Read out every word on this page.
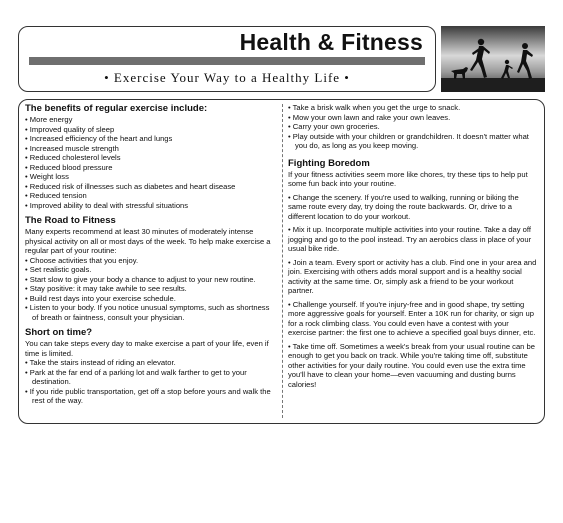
Health & Fitness
• Exercise Your Way to a Healthy Life •
The benefits of regular exercise include:
• More energy
• Improved quality of sleep
• Increased efficiency of the heart and lungs
• Increased muscle strength
• Reduced cholesterol levels
• Reduced blood pressure
• Weight loss
• Reduced risk of illnesses such as diabetes and heart disease
• Reduced tension
• Improved ability to deal with stressful situations
The Road to Fitness

Many experts recommend at least 30 minutes of moderately intense physical activity on all or most days of the week. To help make exercise a regular part of your routine:

• Choose activities that you enjoy.
• Set realistic goals.
• Start slow to give your body a chance to adjust to your new routine.
• Stay positive: it may take awhile to see results.
• Build rest days into your exercise schedule.
• Listen to your body. If you notice unusual symptoms, such as shortness of breath or faintness, consult your physician.
Short on time?

You can take steps every day to make exercise a part of your life, even if time is limited.

• Take the stairs instead of riding an elevator.
• Park at the far end of a parking lot and walk farther to get to your destination.
• If you ride public transportation, get off a stop before yours and walk the rest of the way.
• Take a brisk walk when you get the urge to snack.
• Mow your own lawn and rake your own leaves.
• Carry your own groceries.
• Play outside with your children or grandchildren. It doesn't matter what you do, as long as you keep moving.
Fighting Boredom

If your fitness activities seem more like chores, try these tips to help put some fun back into your routine.

• Change the scenery. If you're used to walking, running or biking the same route every day, try doing the route backwards. Or, drive to a different location to do your workout.

• Mix it up. Incorporate multiple activities into your routine. Take a day off jogging and go to the pool instead. Try an aerobics class in place of your usual bike ride.

• Join a team. Every sport or activity has a club. Find one in your area and join. Exercising with others adds moral support and is a healthy social activity at the same time. Or, simply ask a friend to be your workout partner.

• Challenge yourself. If you're injury-free and in good shape, try setting more aggressive goals for yourself. Enter a 10K run for charity, or sign up for a rock climbing class. You could even have a contest with your exercise partner: the first one to achieve a specified goal buys dinner, etc.

• Take time off. Sometimes a week's break from your usual routine can be enough to get you back on track. While you're taking time off, substitute other activities for your daily routine. You could even use the extra time you'll have to clean your home—even vacuuming and dusting burns calories!
